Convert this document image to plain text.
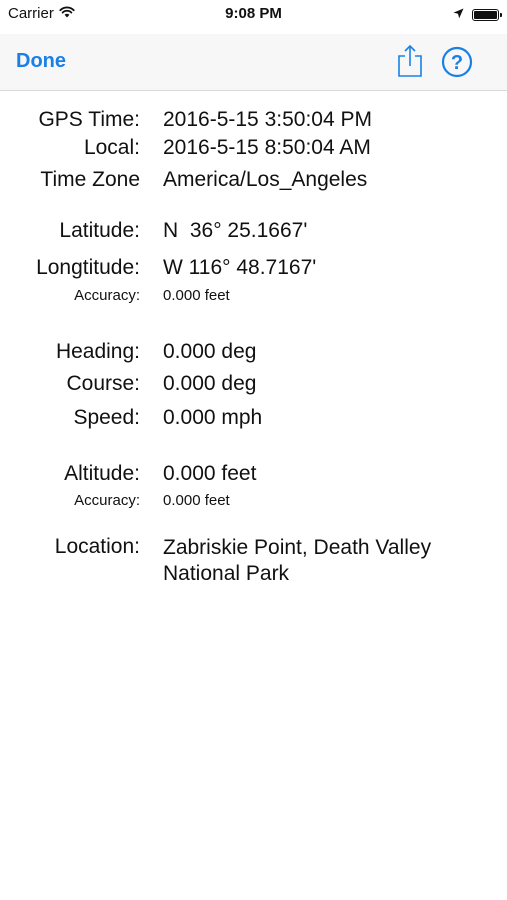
Carrier	9:08 PM
Done	?
GPS Time: 2016-5-15 3:50:04 PM
Local: 2016-5-15 8:50:04 AM
Time Zone America/Los_Angeles
Latitude: N  36° 25.1667'
Longtitude: W 116° 48.7167'
Accuracy: 0.000 feet
Heading: 0.000 deg
Course: 0.000 deg
Speed: 0.000 mph
Altitude: 0.000 feet
Accuracy: 0.000 feet
Location: Zabriskie Point, Death Valley National Park
